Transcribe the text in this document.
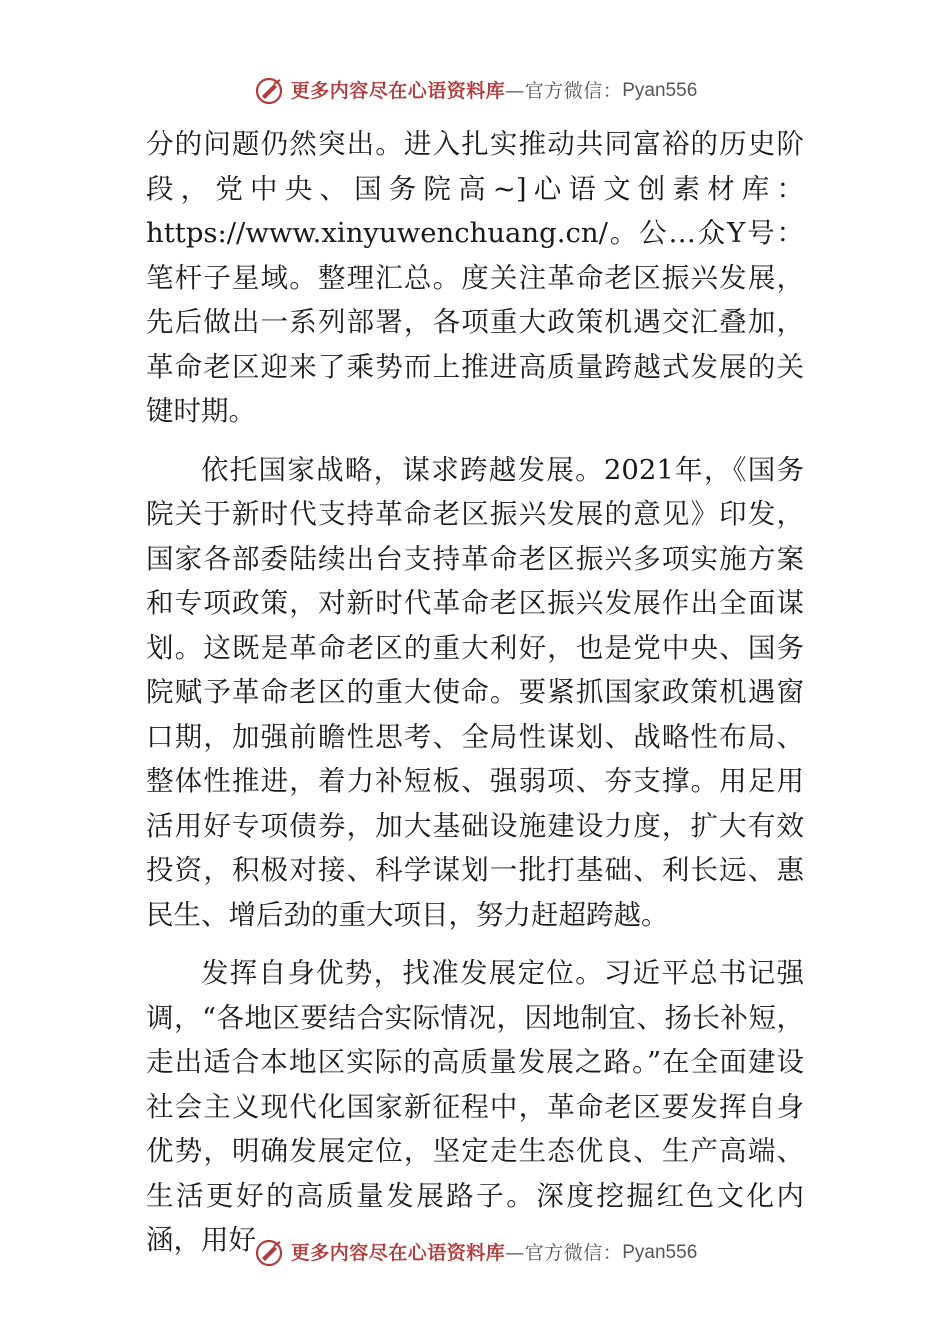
更多内容尽在心语资料库 — 官方微信： Pyan556

分的问题仍然突出。进入扎实推动共同富裕的历史阶段，党中央、国务院高~]心语文创素材库：https://www.xinyuwenchuang.cn/。公…众Y号：笔杆子星域。整理汇总。度关注革命老区振兴发展，先后做出一系列部署，各项重大政策机遇交汇叠加，革命老区迎来了乘势而上推进高质量跨越式发展的关键时期。

依托国家战略，谋求跨越发展。2021年，《国务院关于新时代支持革命老区振兴发展的意见》印发，国家各部委陆续出台支持革命老区振兴多项实施方案和专项政策，对新时代革命老区振兴发展作出全面谋划。这既是革命老区的重大利好，也是党中央、国务院赋予革命老区的重大使命。要紧抓国家政策机遇窗口期，加强前瞻性思考、全局性谋划、战略性布局、整体性推进，着力补短板、强弱项、夯支撑。用足用活用好专项债券，加大基础设施建设力度，扩大有效投资，积极对接、科学谋划一批打基础、利长远、惠民生、增后劲的重大项目，努力赶超跨越。

发挥自身优势，找准发展定位。习近平总书记强调，“各地区要结合实际情况，因地制宜、扬长补短，走出适合本地区实际的高质量发展之路。”在全面建设社会主义现代化国家新征程中，革命老区要发挥自身优势，明确发展定位，坚定走生态优良、生产高端、生活更好的高质量发展路子。深度挖掘红色文化内涵，用好	更多内容尽在心语资料库 — 官方微信： Pyan556
